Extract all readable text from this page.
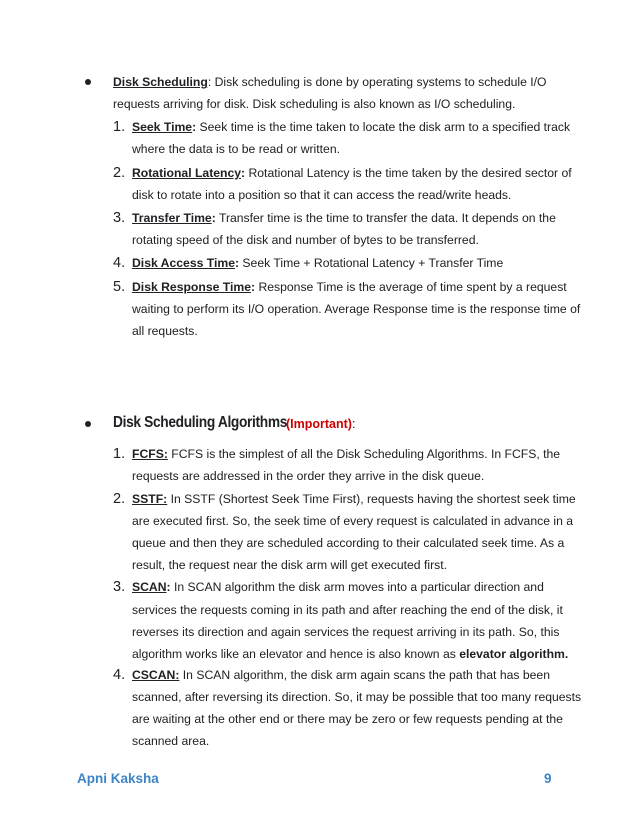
Disk Scheduling: Disk scheduling is done by operating systems to schedule I/O
requests arriving for disk. Disk scheduling is also known as I/O scheduling.
1. Seek Time: Seek time is the time taken to locate the disk arm to a specified track
where the data is to be read or written.
2. Rotational Latency: Rotational Latency is the time taken by the desired sector of
disk to rotate into a position so that it can access the read/write heads.
3. Transfer Time: Transfer time is the time to transfer the data. It depends on the
rotating speed of the disk and number of bytes to be transferred.
4. Disk Access Time: Seek Time + Rotational Latency + Transfer Time
5. Disk Response Time: Response Time is the average of time spent by a request
waiting to perform its I/O operation. Average Response time is the response time of
all requests.
Disk Scheduling Algorithms
(Important):
1. FCFS: FCFS is the simplest of all the Disk Scheduling Algorithms. In FCFS, the
requests are addressed in the order they arrive in the disk queue.
2. SSTF: In SSTF (Shortest Seek Time First), requests having the shortest seek time
are executed first. So, the seek time of every request is calculated in advance in a
queue and then they are scheduled according to their calculated seek time. As a
result, the request near the disk arm will get executed first.
3. SCAN: In SCAN algorithm the disk arm moves into a particular direction and
services the requests coming in its path and after reaching the end of the disk, it
reverses its direction and again services the request arriving in its path. So, this
algorithm works like an elevator and hence is also known as elevator algorithm.
4. CSCAN: In SCAN algorithm, the disk arm again scans the path that has been
scanned, after reversing its direction. So, it may be possible that too many requests
are waiting at the other end or there may be zero or few requests pending at the
scanned area.
Apni Kaksha	9
